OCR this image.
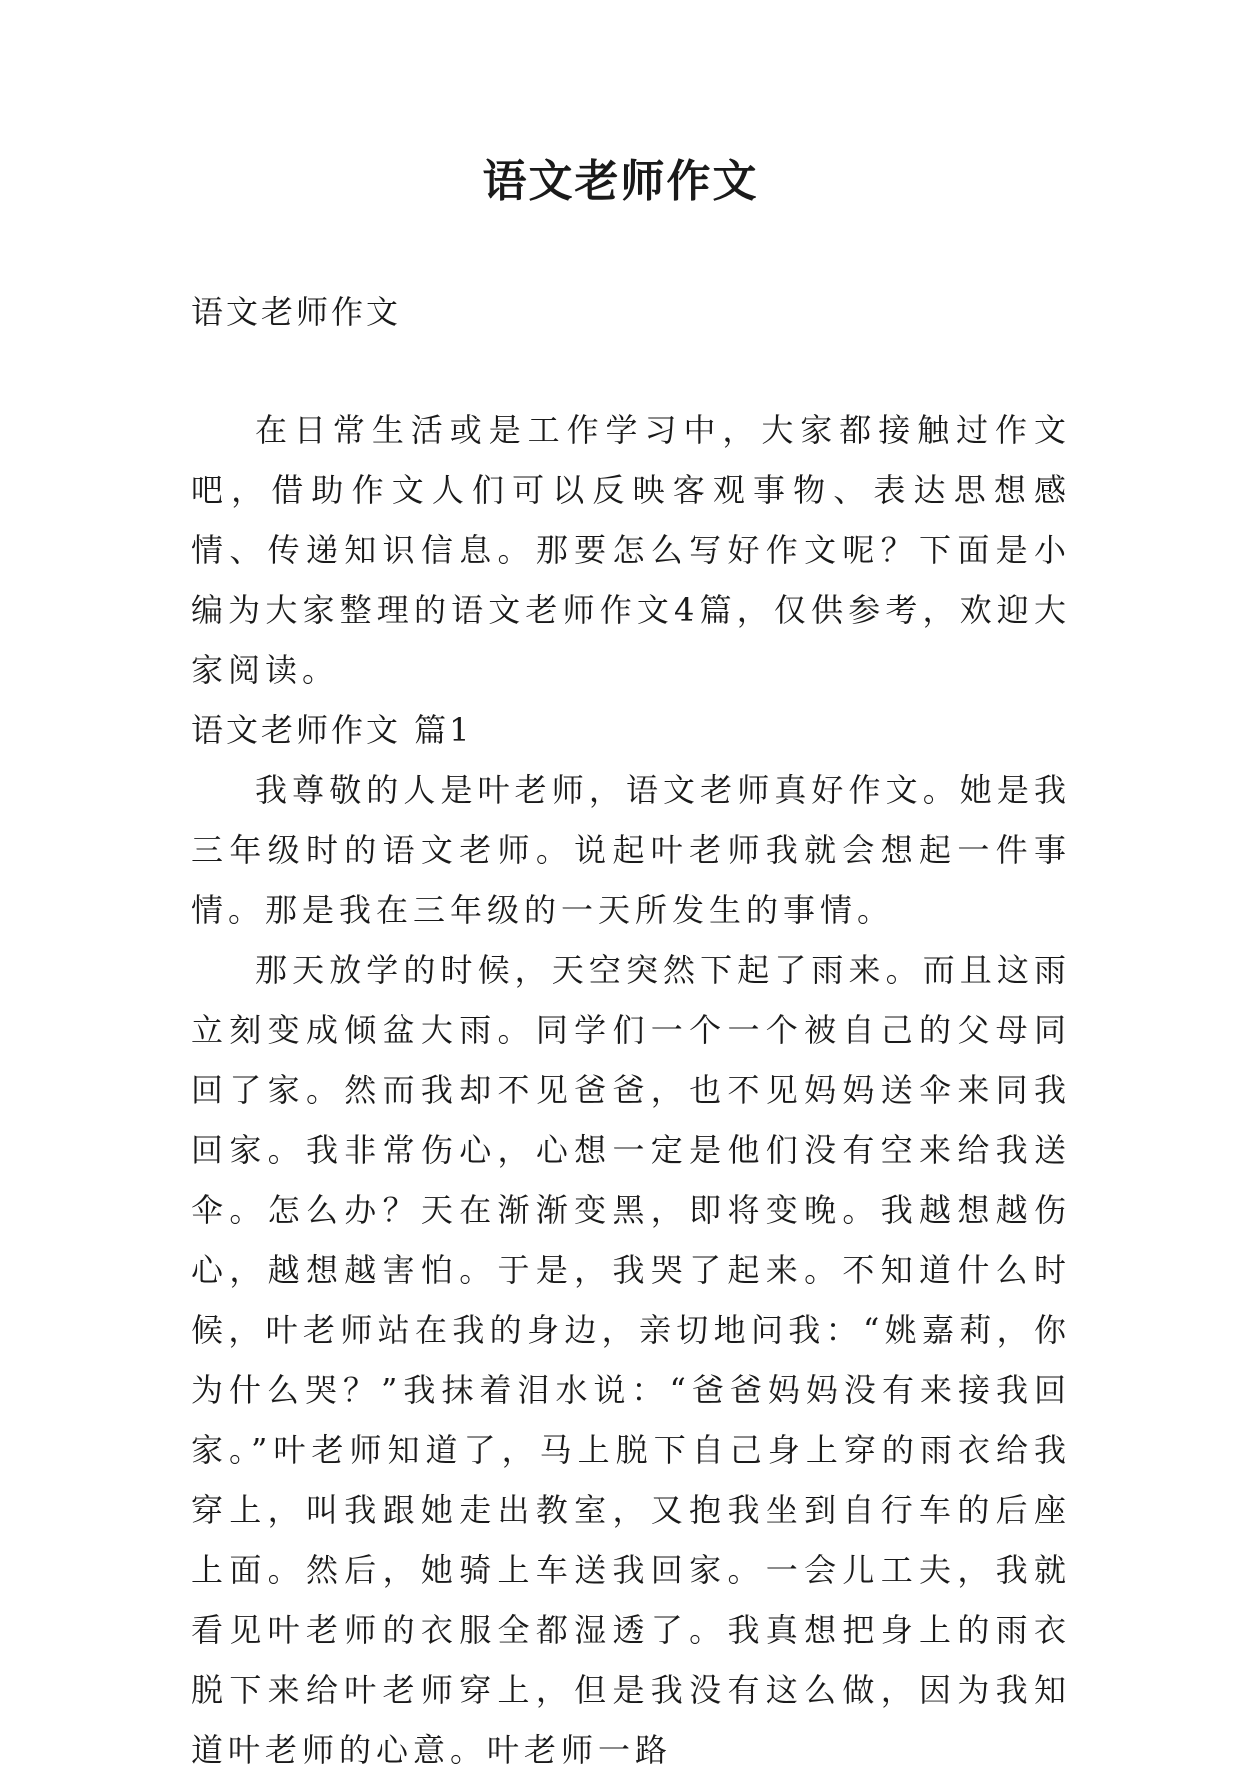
语文老师作文

语文老师作文

在日常生活或是工作学习中，大家都接触过作文吧，借助作文人们可以反映客观事物、表达思想感情、传递知识信息。那要怎么写好作文呢？下面是小编为大家整理的语文老师作文4篇，仅供参考，欢迎大家阅读。

语文老师作文 篇1

我尊敬的人是叶老师，语文老师真好作文。她是我三年级时的语文老师。说起叶老师我就会想起一件事情。那是我在三年级的一天所发生的事情。

那天放学的时候，天空突然下起了雨来。而且这雨立刻变成倾盆大雨。同学们一个一个被自己的父母同回了家。然而我却不见爸爸，也不见妈妈送伞来同我回家。我非常伤心，心想一定是他们没有空来给我送伞。怎么办？天在渐渐变黑，即将变晚。我越想越伤心，越想越害怕。于是，我哭了起来。不知道什么时候，叶老师站在我的身边，亲切地问我：“姚嘉莉，你为什么哭？”我抹着泪水说：“爸爸妈妈没有来接我回家。”叶老师知道了，马上脱下自己身上穿的雨衣给我穿上，叫我跟她走出教室，又抱我坐到自行车的后座上面。然后，她骑上车送我回家。一会儿工夫，我就看见叶老师的衣服全都湿透了。我真想把身上的雨衣脱下来给叶老师穿上，但是我没有这么做，因为我知道叶老师的心意。叶老师一路
